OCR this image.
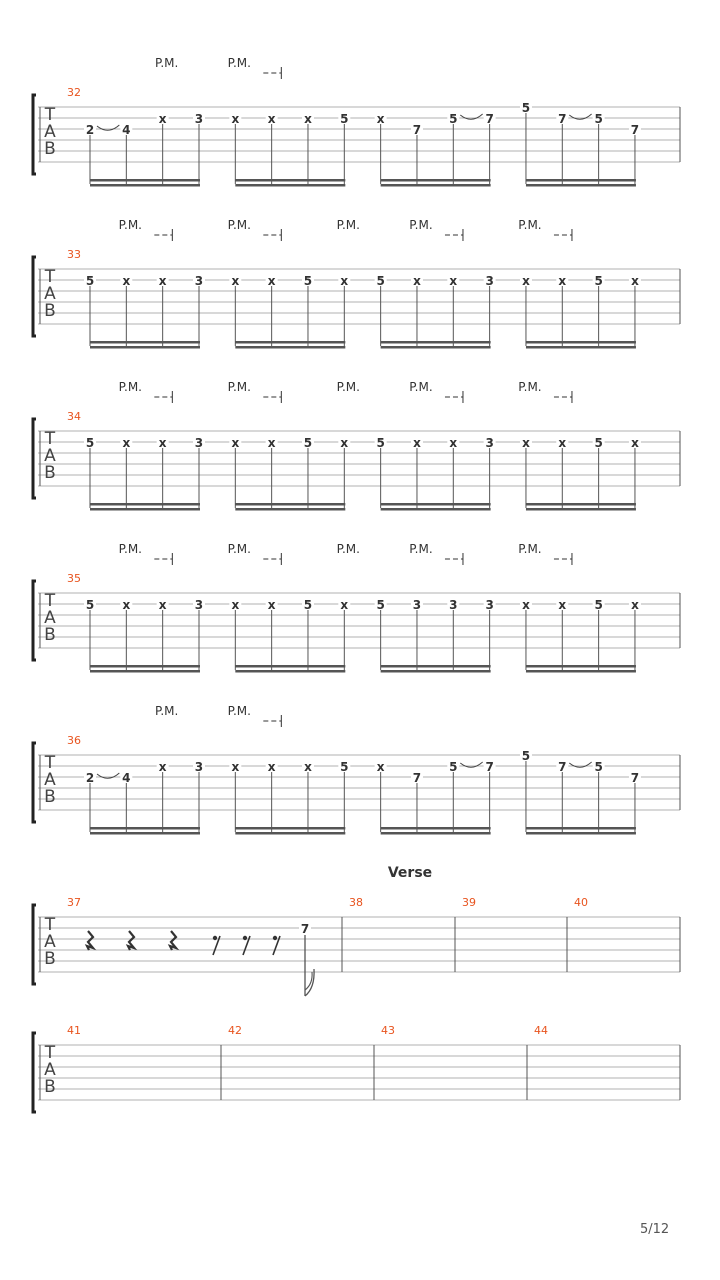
T
A
B
32
2 4
x 3 x x x 5 x
7
5 7
5
7 5
7
P.M.	P.M.
T
A
B
33
5 x x 3 x x 5 x 5 x x 3 x x 5 x
P.M.	P.M.	P.M.	P.M.	P.M.
T
A
B
34
5 x x 3 x x 5 x 5 x x 3 x x 5 x
P.M.	P.M.	P.M.	P.M.	P.M.
T
A
B
35
5 x x 3 x x 5 x 5 3 3 3 x x 5 x
P.M.	P.M.	P.M.	P.M.	P.M.
T
A
B
36
2 4
x 3 x x x 5 x
7
5 7
5
7 5
7
P.M.	P.M.
T
A
B
37	38	39	40
Verse
7
T
A
B
41	42	43	44
5/12
